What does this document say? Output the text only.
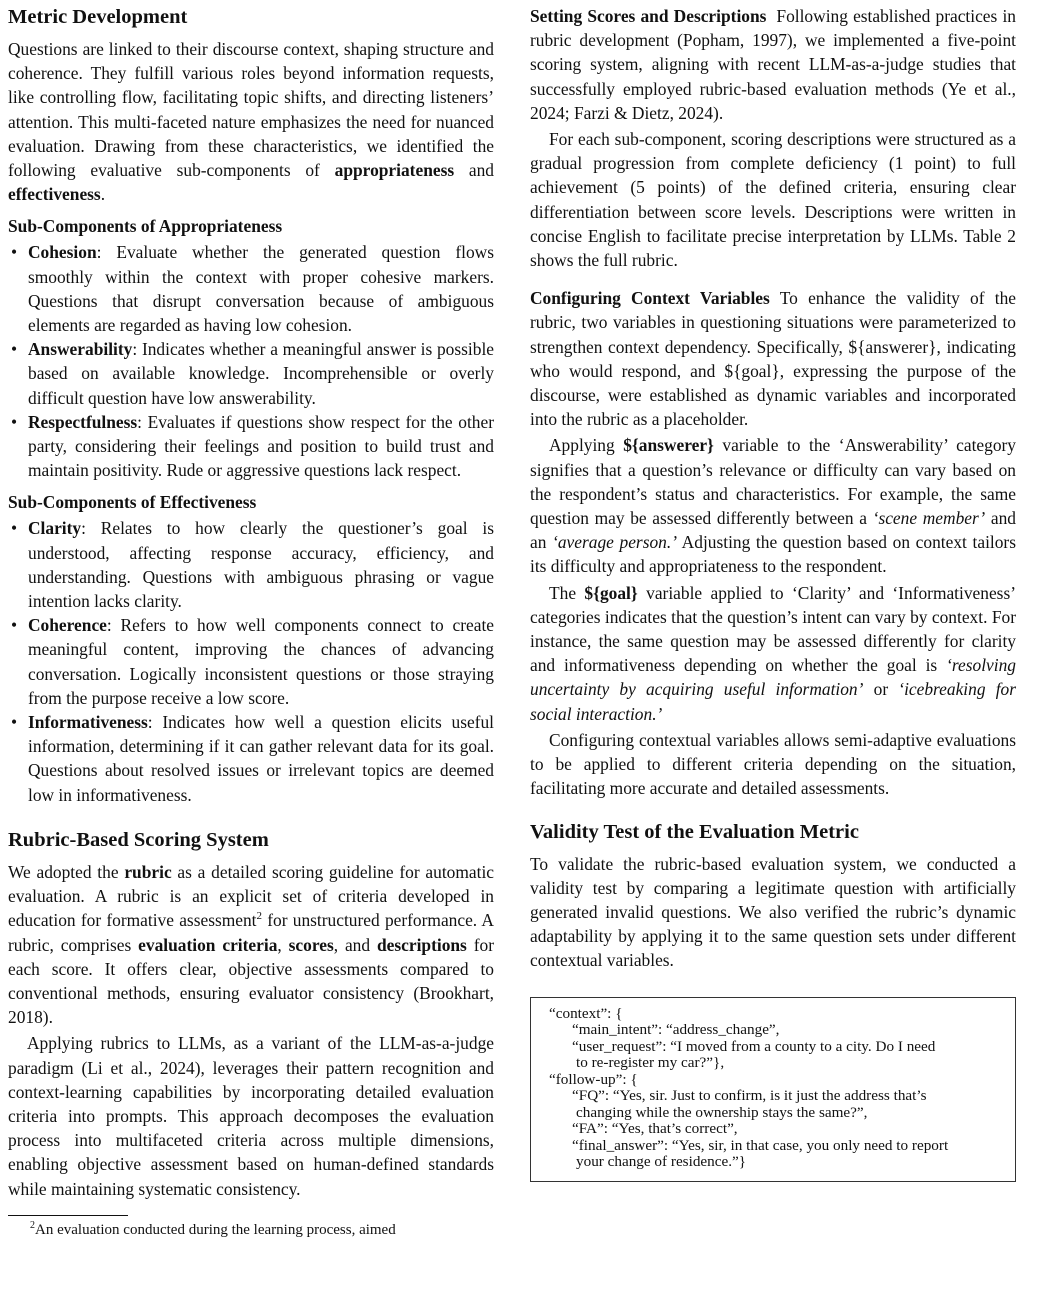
Metric Development

Questions are linked to their discourse context, shaping structure and coherence. They fulfill various roles beyond information requests, like controlling flow, facilitating topic shifts, and directing listeners’ attention. This multi-faceted nature emphasizes the need for nuanced evaluation. Drawing from these characteristics, we identified the following evaluative sub-components of appropriateness and effectiveness.

Sub-Components of Appropriateness
• Cohesion: Evaluate whether the generated question flows smoothly within the context with proper cohesive markers. Questions that disrupt conversation because of ambiguous elements are regarded as having low cohesion.
• Answerability: Indicates whether a meaningful answer is possible based on available knowledge. Incomprehensible or overly difficult question have low answerability.
• Respectfulness: Evaluates if questions show respect for the other party, considering their feelings and position to build trust and maintain positivity. Rude or aggressive questions lack respect.
Sub-Components of Effectiveness
• Clarity: Relates to how clearly the questioner’s goal is understood, affecting response accuracy, efficiency, and understanding. Questions with ambiguous phrasing or vague intention lacks clarity.
• Coherence: Refers to how well components connect to create meaningful content, improving the chances of advancing conversation. Logically inconsistent questions or those straying from the purpose receive a low score.
• Informativeness: Indicates how well a question elicits useful information, determining if it can gather relevant data for its goal. Questions about resolved issues or irrelevant topics are deemed low in informativeness.
Rubric-Based Scoring System

We adopted the rubric as a detailed scoring guideline for automatic evaluation. A rubric is an explicit set of criteria developed in education for formative assessment$^2$ for unstructured performance. A rubric, comprises evaluation criteria, scores, and descriptions for each score. It offers clear, objective assessments compared to conventional methods, ensuring evaluator consistency (Brookhart, 2018).

Applying rubrics to LLMs, as a variant of the LLM-as-a-judge paradigm (Li et al., 2024), leverages their pattern recognition and context-learning capabilities by incorporating detailed evaluation criteria into prompts. This approach decomposes the evaluation process into multifaceted criteria across multiple dimensions, enabling objective assessment based on human-defined standards while maintaining systematic consistency.

$^2$An evaluation conducted during the learning process, aimed

Setting Scores and Descriptions Following established practices in rubric development (Popham, 1997), we implemented a five-point scoring system, aligning with recent LLM-as-a-judge studies that successfully employed rubric-based evaluation methods (Ye et al., 2024; Farzi & Dietz, 2024).

For each sub-component, scoring descriptions were structured as a gradual progression from complete deficiency (1 point) to full achievement (5 points) of the defined criteria, ensuring clear differentiation between score levels. Descriptions were written in concise English to facilitate precise interpretation by LLMs. Table 2 shows the full rubric.

Configuring Context Variables To enhance the validity of the rubric, two variables in questioning situations were parameterized to strengthen context dependency. Specifically, ${answerer}, indicating who would respond, and ${goal}, expressing the purpose of the discourse, were established as dynamic variables and incorporated into the rubric as a placeholder.

Applying ${answerer} variable to the ‘Answerability’ category signifies that a question’s relevance or difficulty can vary based on the respondent’s status and characteristics. For example, the same question may be assessed differently between a ‘scene member’ and an ‘average person.’ Adjusting the question based on context tailors its difficulty and appropriateness to the respondent.

The ${goal} variable applied to ‘Clarity’ and ‘Informativeness’ categories indicates that the question’s intent can vary by context. For instance, the same question may be assessed differently for clarity and informativeness depending on whether the goal is ‘resolving uncertainty by acquiring useful information’ or ‘icebreaking for social interaction.’

Configuring contextual variables allows semi-adaptive evaluations to be applied to different criteria depending on the situation, facilitating more accurate and detailed assessments.

Validity Test of the Evaluation Metric

To validate the rubric-based evaluation system, we conducted a validity test by comparing a legitimate question with artificially generated invalid questions. We also verified the rubric’s dynamic adaptability by applying it to the same question sets under different contextual variables.

“context”: {
“main_intent”: “address_change”,
“user_request”: “I moved from a county to a city. Do I need
to re-register my car?”},
“follow-up”: {
“FQ”: “Yes, sir. Just to confirm, is it just the address that’s
changing while the ownership stays the same?”,
“FA”: “Yes, that’s correct”,
“final_answer”: “Yes, sir, in that case, you only need to report
your change of residence.”}
